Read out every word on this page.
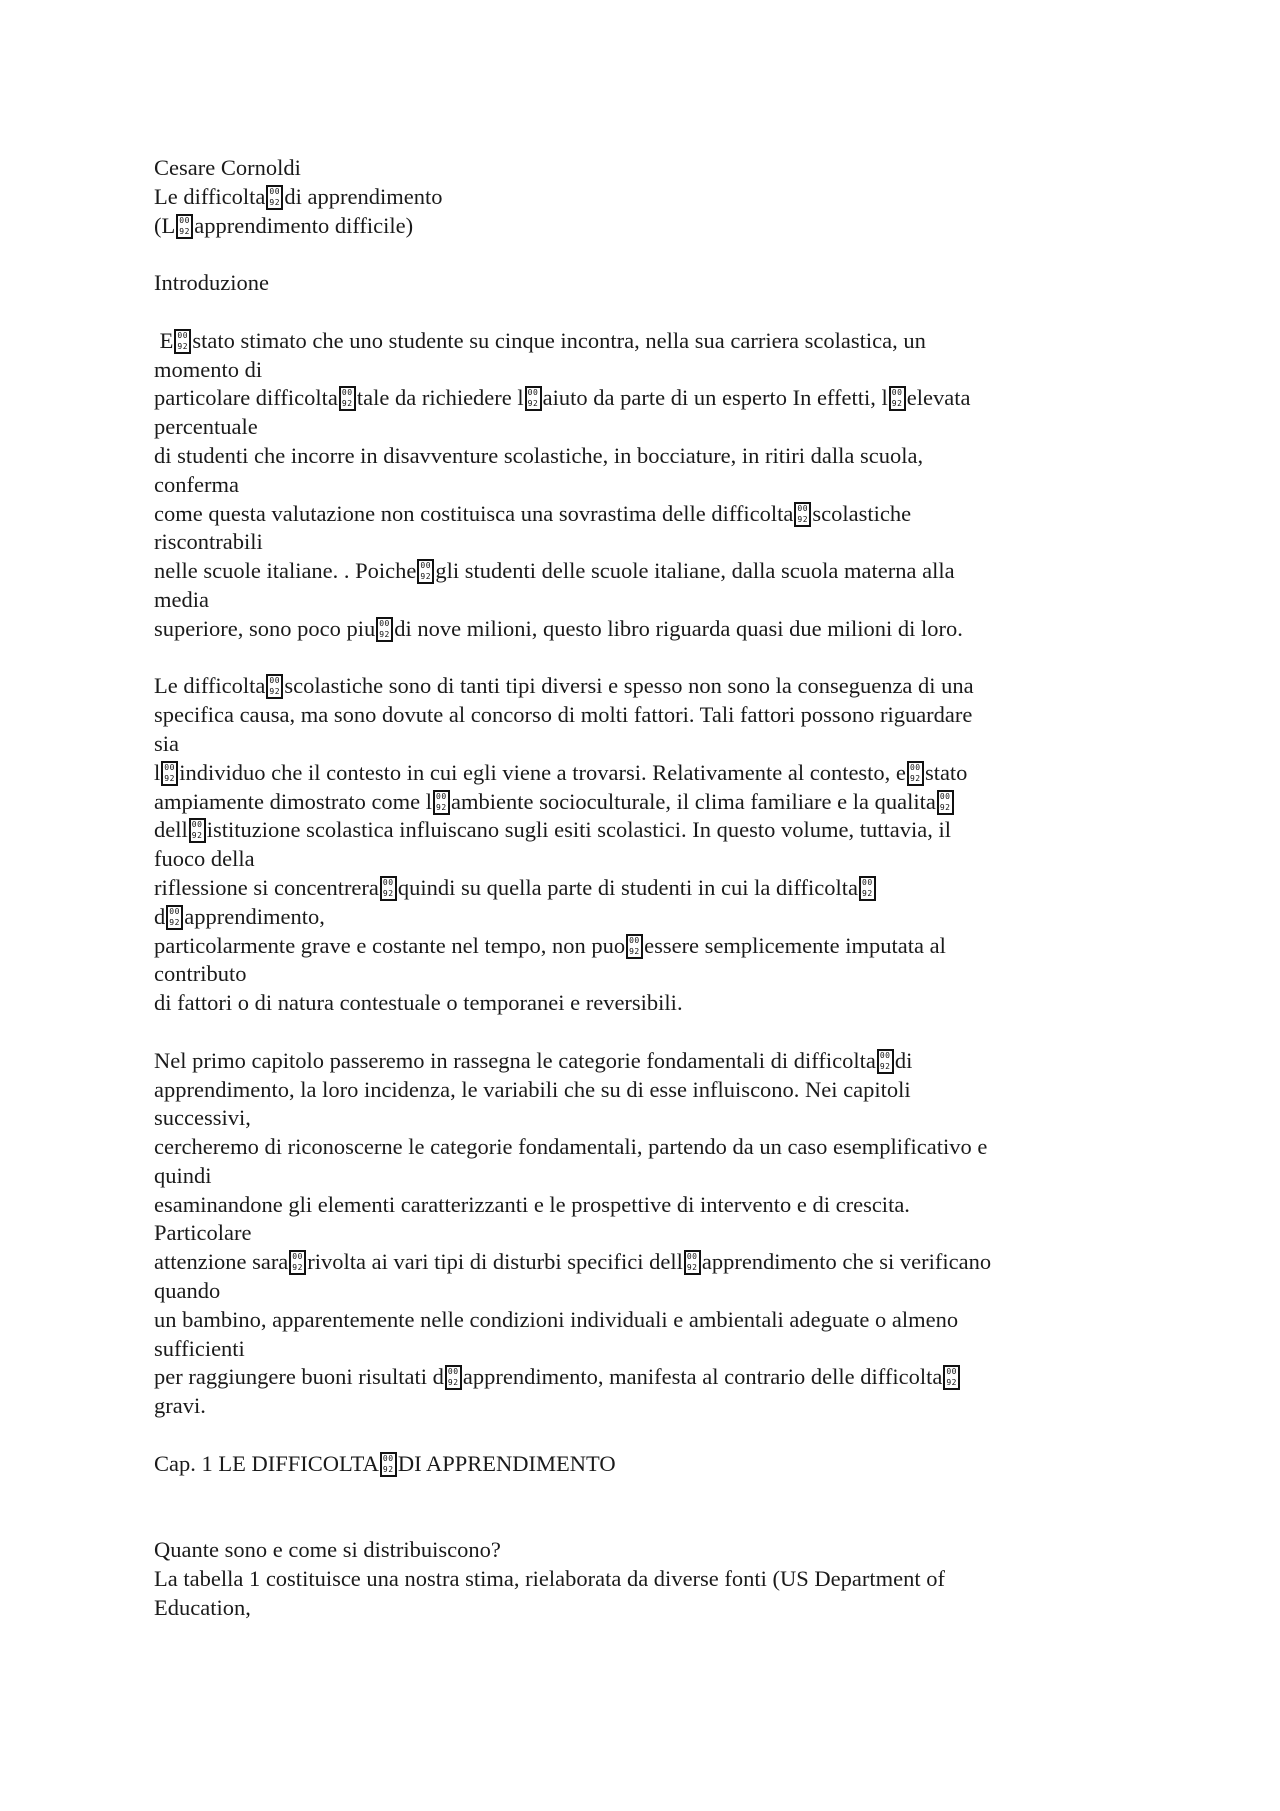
Cesare Cornoldi
Le difficolta 00  92 di apprendimento
(L 00  92 apprendimento difficile)
Introduzione
E 00  92 stato stimato che uno studente su cinque incontra, nella sua carriera scolastica, un
momento di
particolare difficolta 00  92 tale da richiedere l 00  92 aiuto da parte di un esperto In effetti, l 00  92 elevata
percentuale
di studenti che incorre in disavventure scolastiche, in bocciature, in ritiri dalla scuola,
conferma
come questa valutazione non costituisca una sovrastima delle difficolta 00  92 scolastiche
riscontrabili
nelle scuole italiane. . Poiche 00  92 gli studenti delle scuole italiane, dalla scuola materna alla
media
superiore, sono poco piu 00  92 di nove milioni, questo libro riguarda quasi due milioni di loro.
Le difficolta 00  92 scolastiche sono di tanti tipi diversi e spesso non sono la conseguenza di una
specifica causa, ma sono dovute al concorso di molti fattori. Tali fattori possono riguardare
sia
l 00  92 individuo che il contesto in cui egli viene a trovarsi. Relativamente al contesto, e 00  92 stato
ampiamente dimostrato come l 00  92 ambiente socioculturale, il clima familiare e la qualita00  92
dell 00  92 istituzione scolastica influiscano sugli esiti scolastici. In questo volume, tuttavia, il
fuoco della
riflessione si concentrera 00  92 quindi su quella parte di studenti in cui la difficolta00  92
d 00  92 apprendimento,
particolarmente grave e costante nel tempo, non puo 00  92 essere semplicemente imputata al
contributo
di fattori o di natura contestuale o temporanei e reversibili.
Nel primo capitolo passeremo in rassegna le categorie fondamentali di difficolta 00  92 di
apprendimento, la loro incidenza, le variabili che su di esse influiscono. Nei capitoli
successivi,
cercheremo di riconoscerne le categorie fondamentali, partendo da un caso esemplificativo e
quindi
esaminandone gli elementi caratterizzanti e le prospettive di intervento e di crescita.
Particolare
attenzione sara 00  92 rivolta ai vari tipi di disturbi specifici dell 00  92 apprendimento che si verificano
quando
un bambino, apparentemente nelle condizioni individuali e ambientali adeguate o almeno
sufficienti
per raggiungere buoni risultati d 00  92 apprendimento, manifesta al contrario delle difficolta00  92
gravi.
Cap. 1 LE DIFFICOLTA 00  92 DI APPRENDIMENTO
Quante sono e come si distribuiscono?
La tabella 1 costituisce una nostra stima, rielaborata da diverse fonti (US Department of
Education,
